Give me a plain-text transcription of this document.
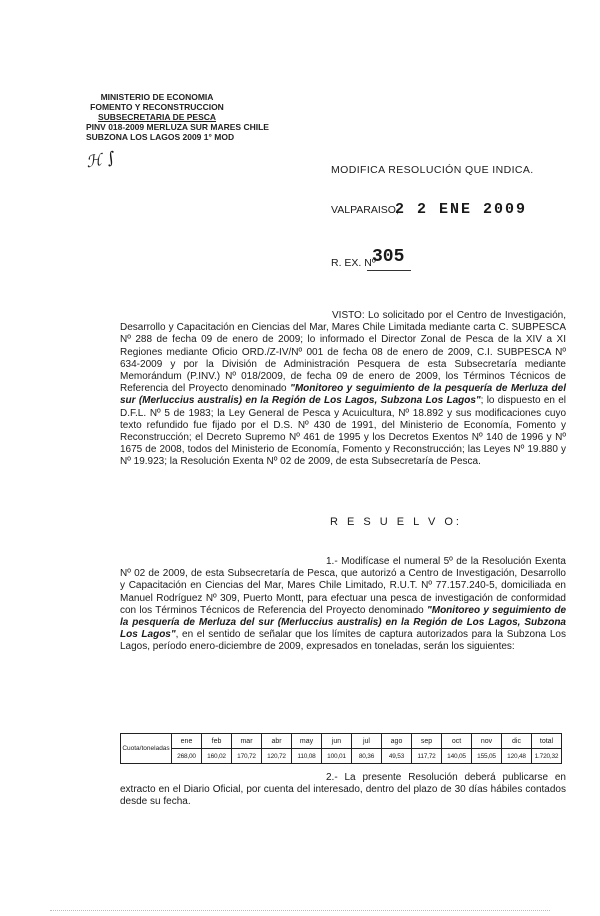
MINISTERIO DE ECONOMIA
FOMENTO Y RECONSTRUCCION
SUBSECRETARIA DE PESCA
PINV 018-2009 MERLUZA SUR MARES CHILE
SUBZONA LOS LAGOS 2009 1° MOD
ℋ ∫	MODIFICA RESOLUCIÓN QUE INDICA.
VALPARAISO,
2 2 ENE 2009
R. EX. Nº
305
VISTO: Lo solicitado por el Centro de Investigación, Desarrollo y Capacitación en Ciencias del Mar, Mares Chile Limitada mediante carta C. SUBPESCA Nº 288 de fecha 09 de enero de 2009; lo informado el Director Zonal de Pesca de la XIV a XI Regiones mediante Oficio ORD./Z-IV/Nº 001 de fecha 08 de enero de 2009, C.I. SUBPESCA Nº 634-2009 y por la División de Administración Pesquera de esta Subsecretaría mediante Memorándum (P.INV.) Nº 018/2009, de fecha 09 de enero de 2009, los Términos Técnicos de Referencia del Proyecto denominado "Monitoreo y seguimiento de la pesquería de Merluza del sur (Merluccius australis) en la Región de Los Lagos, Subzona Los Lagos"; lo dispuesto en el D.F.L. Nº 5 de 1983; la Ley General de Pesca y Acuicultura, Nº 18.892 y sus modificaciones cuyo texto refundido fue fijado por el D.S. Nº 430 de 1991, del Ministerio de Economía, Fomento y Reconstrucción; el Decreto Supremo Nº 461 de 1995 y los Decretos Exentos Nº 140 de 1996 y Nº 1675 de 2008, todos del Ministerio de Economía, Fomento y Reconstrucción; las Leyes Nº 19.880 y Nº 19.923; la Resolución Exenta Nº 02 de 2009, de esta Subsecretaría de Pesca.
R E S U E L V O:
1.- Modifícase el numeral 5º de la Resolución Exenta Nº 02 de 2009, de esta Subsecretaría de Pesca, que autorizó a Centro de Investigación, Desarrollo y Capacitación en Ciencias del Mar, Mares Chile Limitado, R.U.T. Nº 77.157.240-5, domiciliada en Manuel Rodríguez Nº 309, Puerto Montt, para efectuar una pesca de investigación de conformidad con los Términos Técnicos de Referencia del Proyecto denominado "Monitoreo y seguimiento de la pesquería de Merluza del sur (Merluccius australis) en la Región de Los Lagos, Subzona Los Lagos", en el sentido de señalar que los límites de captura autorizados para la Subzona Los Lagos, período enero-diciembre de 2009, expresados en toneladas, serán los siguientes:
Cuota/toneladas	ene	feb	mar	abr	may	jun	jul	ago	sep	oct	nov	dic	total
	268,00	160,02	170,72	120,72	110,08	100,01	80,36	49,53	117,72	140,05	155,05	120,48	1.720,32
2.- La presente Resolución deberá publicarse en extracto en el Diario Oficial, por cuenta del interesado, dentro del plazo de 30 días hábiles contados desde su fecha.
